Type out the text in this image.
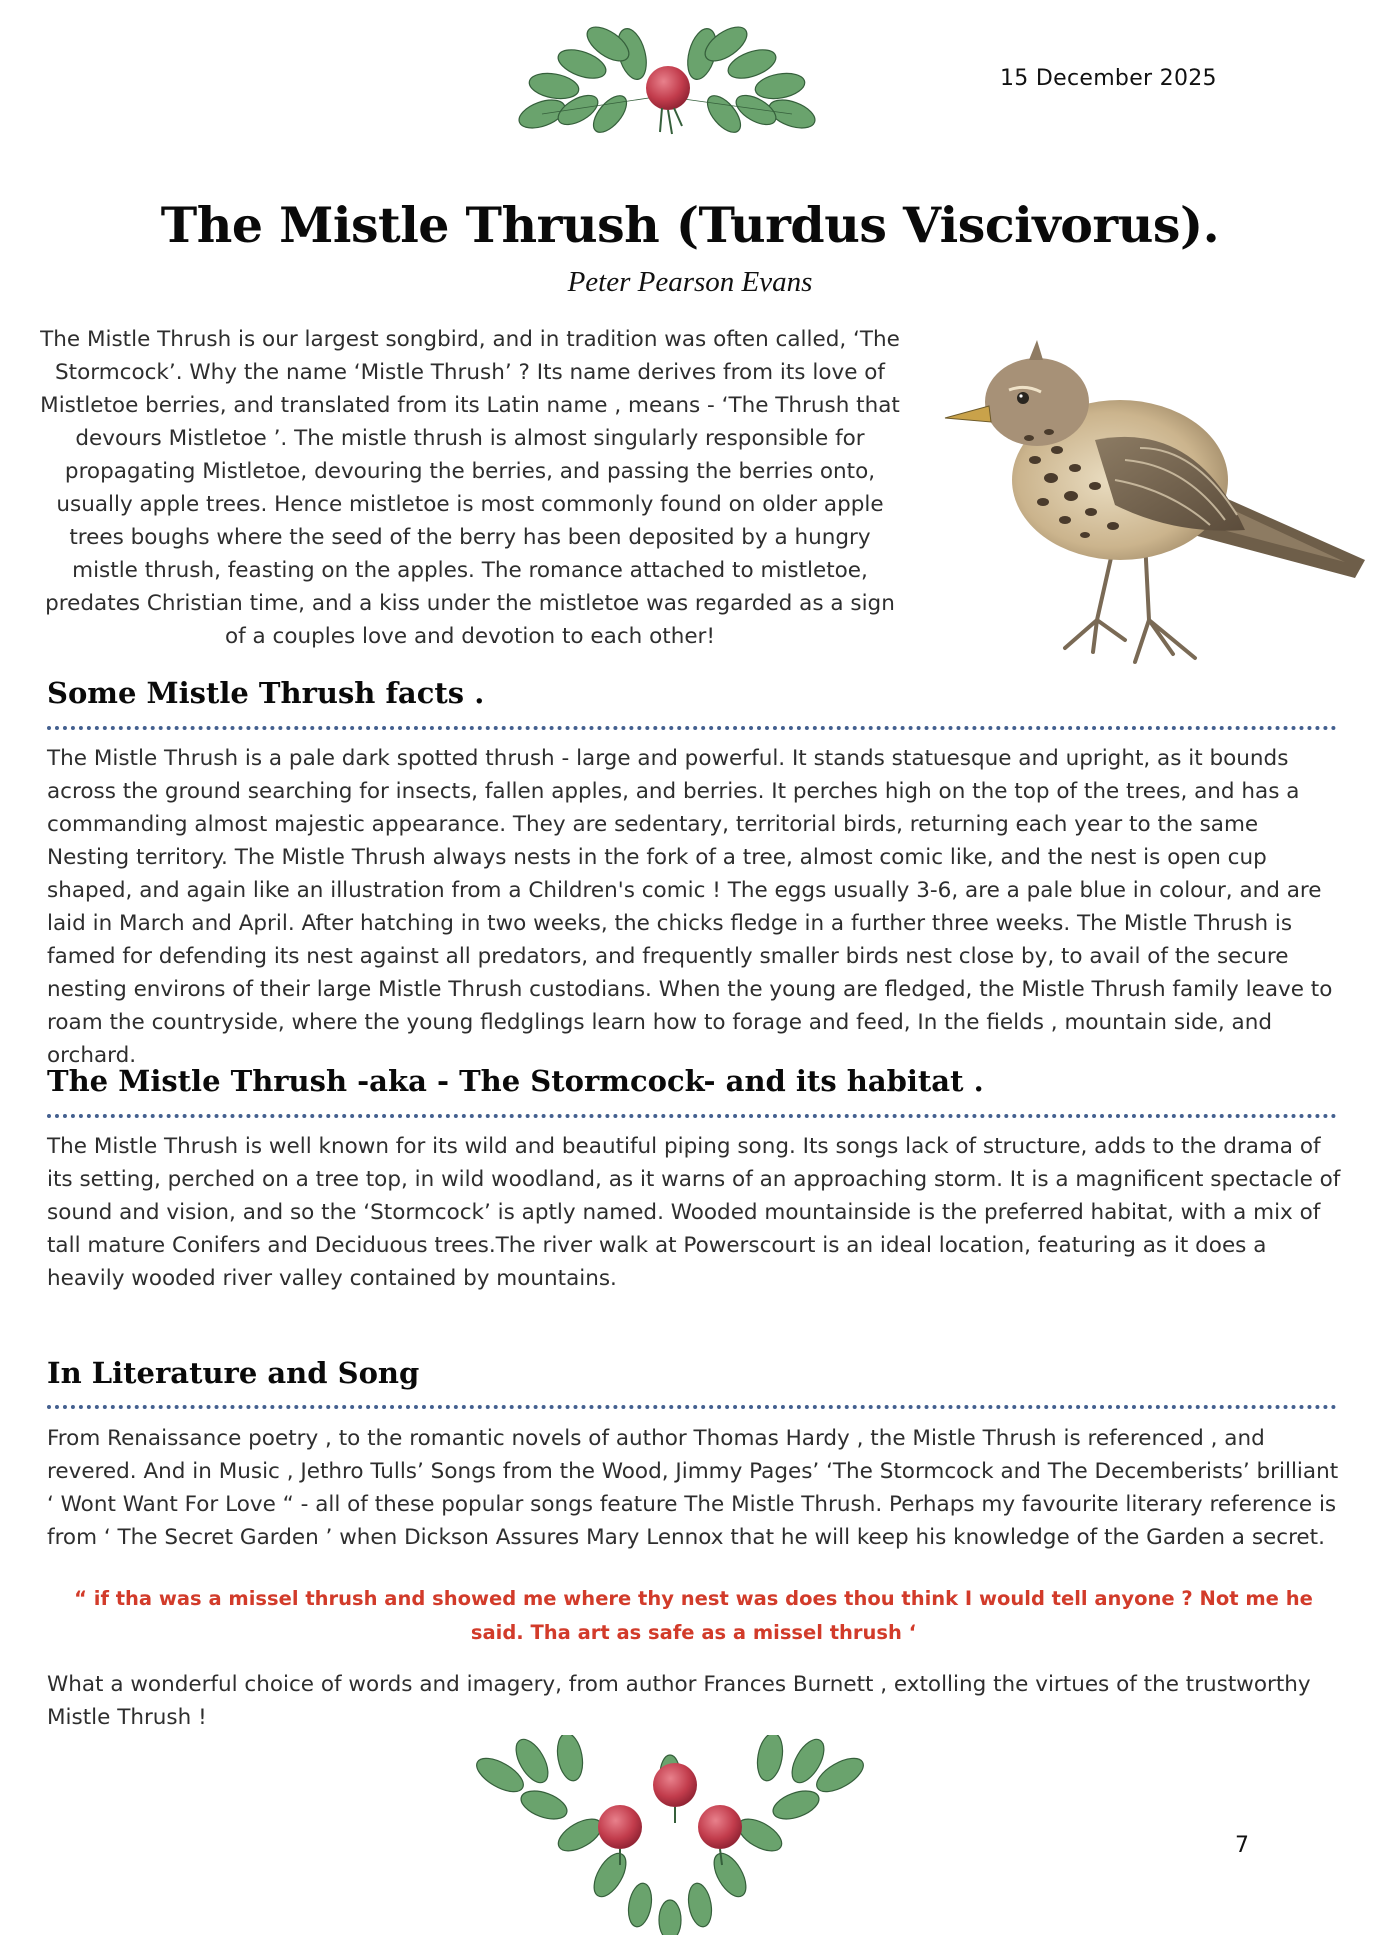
15 December 2025
The Mistle Thrush (Turdus Viscivorus).
Peter Pearson Evans
The Mistle Thrush is our largest songbird, and in tradition was often called, ‘The Stormcock’. Why the name ‘Mistle Thrush’ ? Its name derives from its love of Mistletoe berries, and translated from its Latin name , means - ‘The Thrush that devours Mistletoe ’. The mistle thrush is almost singularly responsible for propagating Mistletoe, devouring the berries, and passing the berries onto, usually apple trees. Hence mistletoe is most commonly found on older apple trees boughs where the seed of the berry has been deposited by a hungry mistle thrush, feasting on the apples. The romance attached to mistletoe, predates Christian time, and a kiss under the mistletoe was regarded as a sign of a couples love and devotion to each other!
Some Mistle Thrush facts .
The Mistle Thrush is a pale dark spotted thrush - large and powerful. It stands statuesque and upright, as it bounds across the ground searching for insects, fallen apples, and berries. It perches high on the top of the trees, and has a commanding almost majestic appearance. They are sedentary, territorial birds, returning each year to the same Nesting territory. The Mistle Thrush always nests in the fork of a tree, almost comic like, and the nest is open cup shaped, and again like an illustration from a Children's comic ! The eggs usually 3-6, are a pale blue in colour, and are laid in March and April. After hatching in two weeks, the chicks fledge in a further three weeks. The Mistle Thrush is famed for defending its nest against all predators, and frequently smaller birds nest close by, to avail of the secure nesting environs of their large Mistle Thrush custodians. When the young are fledged, the Mistle Thrush family leave to roam the countryside, where the young fledglings learn how to forage and feed, In the fields , mountain side, and orchard.
The Mistle Thrush -aka - The Stormcock- and its habitat .
The Mistle Thrush is well known for its wild and beautiful piping song. Its songs lack of structure, adds to the drama of its setting, perched on a tree top, in wild woodland, as it warns of an approaching storm. It is a magnificent spectacle of sound and vision, and so the ‘Stormcock’ is aptly named. Wooded mountainside is the preferred habitat, with a mix of tall mature Conifers and Deciduous trees.The river walk at Powerscourt is an ideal location, featuring as it does a heavily wooded river valley contained by mountains.
In Literature and Song
From Renaissance poetry , to the romantic novels of author Thomas Hardy , the Mistle Thrush is referenced , and revered. And in Music , Jethro Tulls’ Songs from the Wood, Jimmy Pages’ ‘The Stormcock and The Decemberists’ brilliant ‘ Wont Want For Love “ - all of these popular songs feature The Mistle Thrush. Perhaps my favourite literary reference is from ‘ The Secret Garden ’ when Dickson Assures Mary Lennox that he will keep his knowledge of the Garden a secret.
“ if tha was a missel thrush and showed me where thy nest was does thou think I would tell anyone ? Not me he said. Tha art as safe as a missel thrush ‘
What a wonderful choice of words and imagery, from author Frances Burnett , extolling the virtues of the trustworthy Mistle Thrush !
7
